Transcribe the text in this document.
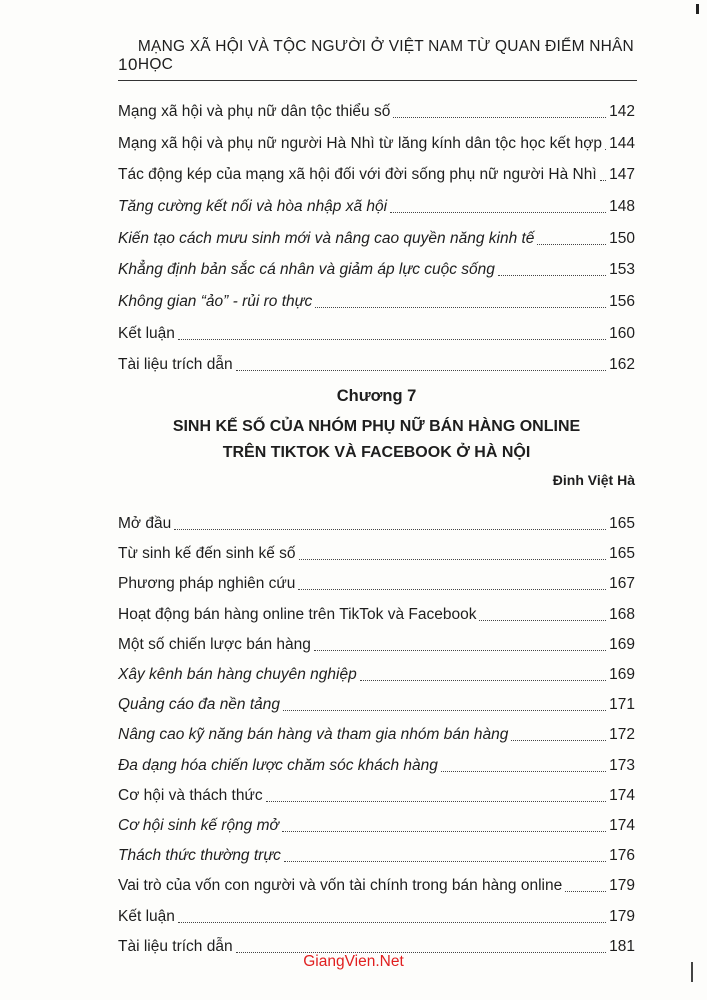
10
MẠNG XÃ HỘI VÀ TỘC NGƯỜI Ở VIỆT NAM TỪ QUAN ĐIỂM NHÂN HỌC
Mạng xã hội và phụ nữ dân tộc thiểu số	142
Mạng xã hội và phụ nữ người Hà Nhì từ lăng kính dân tộc học kết hợp 144
Tác động kép của mạng xã hội đối với đời sống phụ nữ người Hà Nhì 147
Tăng cường kết nối và hòa nhập xã hội	148
Kiến tạo cách mưu sinh mới và nâng cao quyền năng kinh tế	150
Khẳng định bản sắc cá nhân và giảm áp lực cuộc sống	153
Không gian “ảo” - rủi ro thực	156
Kết luận	160
Tài liệu trích dẫn	162
Chương 7
SINH KẾ SỐ CỦA NHÓM PHỤ NỮ BÁN HÀNG ONLINE
TRÊN TIKTOK VÀ FACEBOOK Ở HÀ NỘI
Đinh Việt Hà
Mở đầu	165
Từ sinh kế đến sinh kế số	165
Phương pháp nghiên cứu	167
Hoạt động bán hàng online trên TikTok và Facebook	168
Một số chiến lược bán hàng	169
Xây kênh bán hàng chuyên nghiệp	169
Quảng cáo đa nền tảng	171
Nâng cao kỹ năng bán hàng và tham gia nhóm bán hàng	172
Đa dạng hóa chiến lược chăm sóc khách hàng	173
Cơ hội và thách thức	174
Cơ hội sinh kế rộng mở	174
Thách thức thường trực	176
Vai trò của vốn con người và vốn tài chính trong bán hàng online	179
Kết luận	179
Tài liệu trích dẫn	181
GiangVien.Net
